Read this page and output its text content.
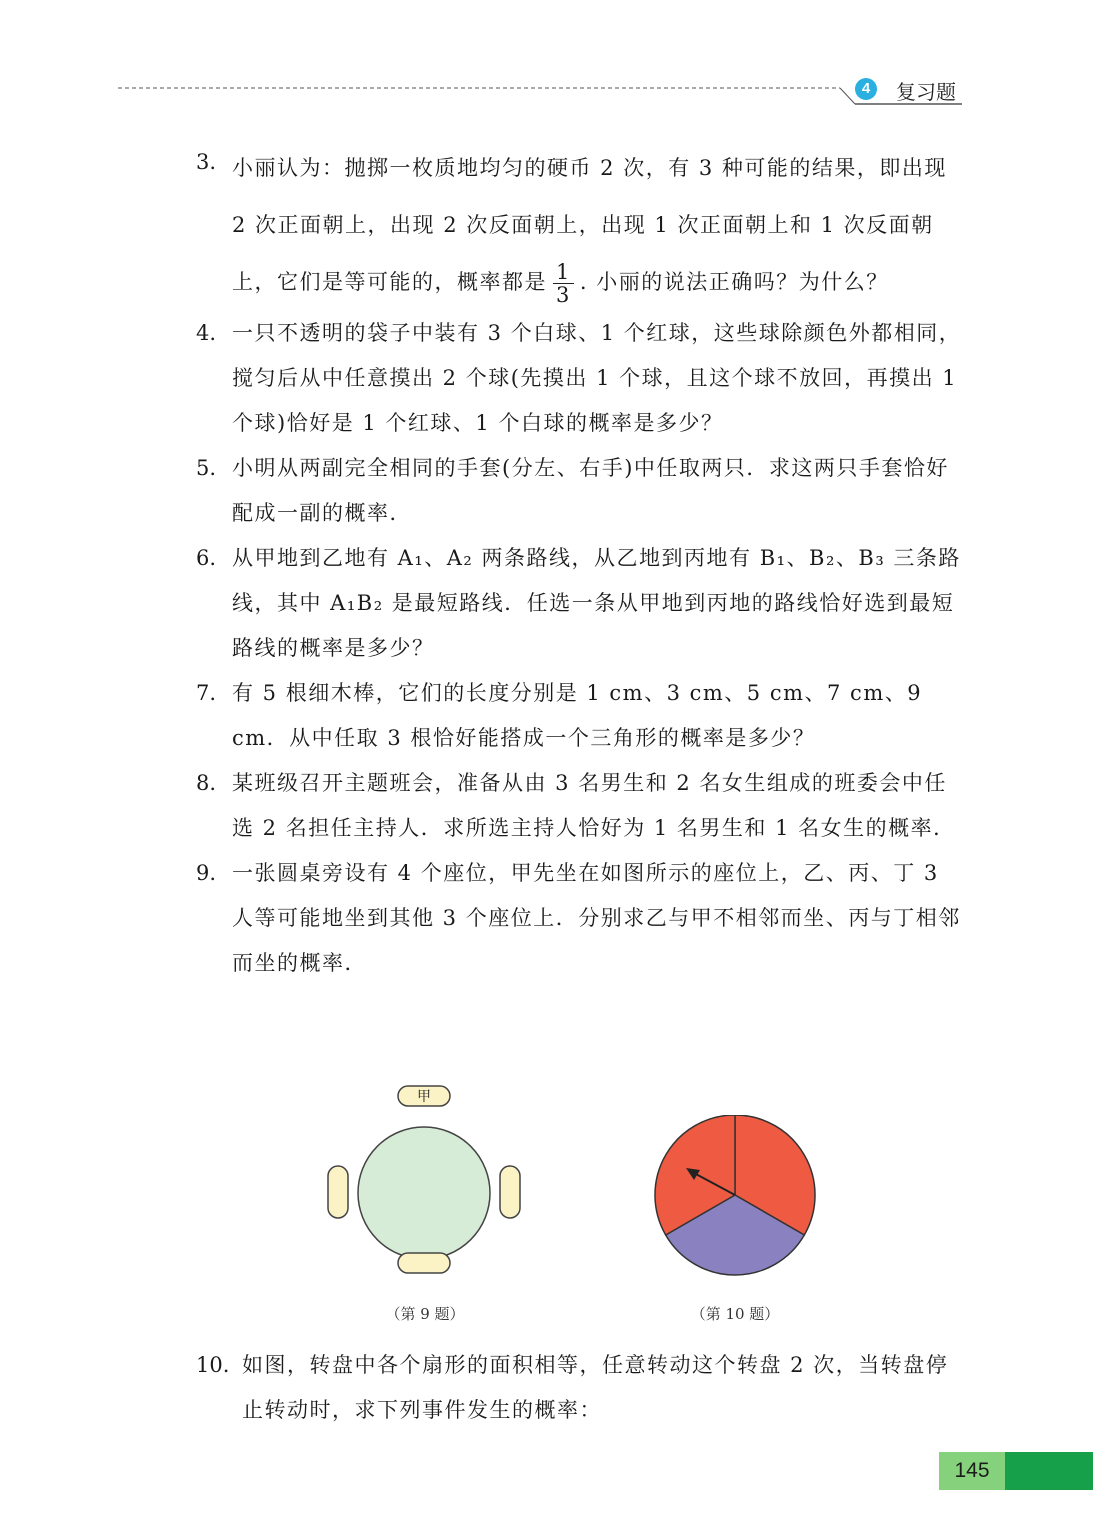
4	复习题
3. 小丽认为：抛掷一枚质地均匀的硬币 2 次，有 3 种可能的结果，即出现 2 次正面朝上，出现 2 次反面朝上，出现 1 次正面朝上和 1 次反面朝上，它们是等可能的，概率都是 $\frac{1}{3}$ . 小丽的说法正确吗？为什么？
4. 一只不透明的袋子中装有 3 个白球、1 个红球，这些球除颜色外都相同，搅匀后从中任意摸出 2 个球(先摸出 1 个球，且这个球不放回，再摸出 1 个球)恰好是 1 个红球、1 个白球的概率是多少？
5. 小明从两副完全相同的手套(分左、右手)中任取两只．求这两只手套恰好配成一副的概率．
6. 从甲地到乙地有 A₁、A₂ 两条路线，从乙地到丙地有 B₁、B₂、B₃ 三条路线，其中 A₁B₂ 是最短路线．任选一条从甲地到丙地的路线恰好选到最短路线的概率是多少？
7. 有 5 根细木棒，它们的长度分别是 1 cm、3 cm、5 cm、7 cm、9 cm．从中任取 3 根恰好能搭成一个三角形的概率是多少？
8. 某班级召开主题班会，准备从由 3 名男生和 2 名女生组成的班委会中任选 2 名担任主持人．求所选主持人恰好为 1 名男生和 1 名女生的概率．
9. 一张圆桌旁设有 4 个座位，甲先坐在如图所示的座位上，乙、丙、丁 3 人等可能地坐到其他 3 个座位上．分别求乙与甲不相邻而坐、丙与丁相邻而坐的概率．
甲
（第 9 题）	（第 10 题）
10. 如图，转盘中各个扇形的面积相等，任意转动这个转盘 2 次，当转盘停止转动时，求下列事件发生的概率：
145
